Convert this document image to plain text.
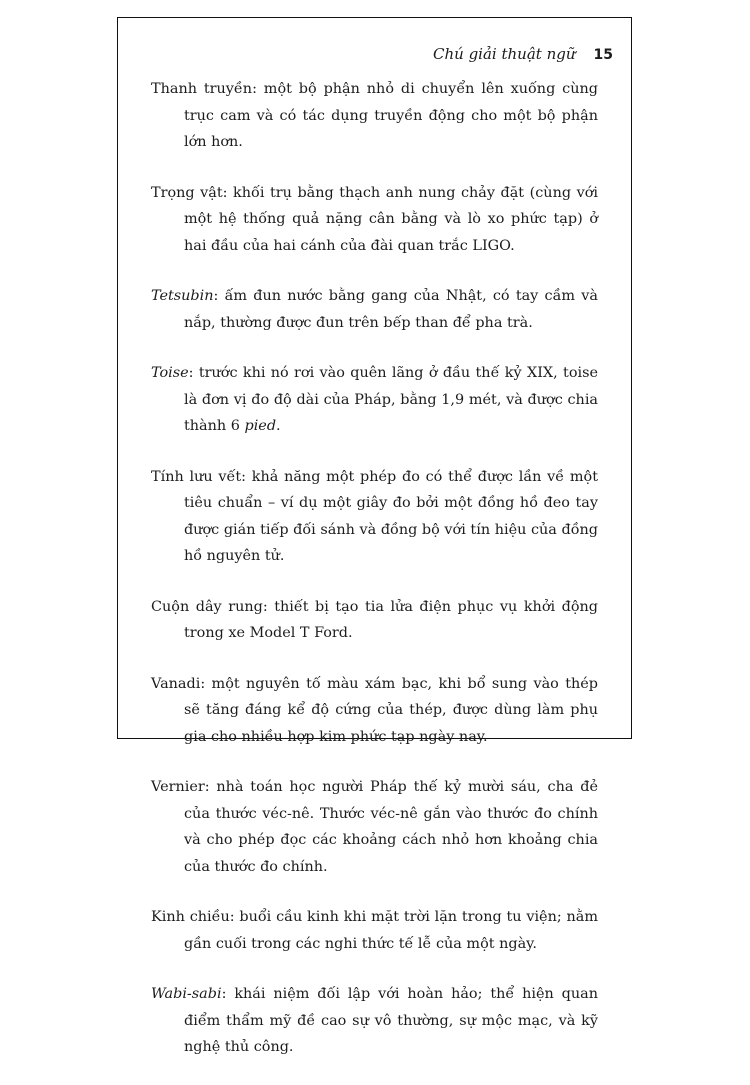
Chú giải thuật ngữ 15

Thanh truyền: một bộ phận nhỏ di chuyển lên xuống cùng trục cam và có tác dụng truyền động cho một bộ phận lớn hơn.

Trọng vật: khối trụ bằng thạch anh nung chảy đặt (cùng với một hệ thống quả nặng cân bằng và lò xo phức tạp) ở hai đầu của hai cánh của đài quan trắc LIGO.

Tetsubin: ấm đun nước bằng gang của Nhật, có tay cầm và nắp, thường được đun trên bếp than để pha trà.

Toise: trước khi nó rơi vào quên lãng ở đầu thế kỷ XIX, toise là đơn vị đo độ dài của Pháp, bằng 1,9 mét, và được chia thành 6 pied.

Tính lưu vết: khả năng một phép đo có thể được lần về một tiêu chuẩn – ví dụ một giây đo bởi một đồng hồ đeo tay được gián tiếp đối sánh và đồng bộ với tín hiệu của đồng hồ nguyên tử.

Cuộn dây rung: thiết bị tạo tia lửa điện phục vụ khởi động trong xe Model T Ford.

Vanadi: một nguyên tố màu xám bạc, khi bổ sung vào thép sẽ tăng đáng kể độ cứng của thép, được dùng làm phụ gia cho nhiều hợp kim phức tạp ngày nay.

Vernier: nhà toán học người Pháp thế kỷ mười sáu, cha đẻ của thước véc-nê. Thước véc-nê gắn vào thước đo chính và cho phép đọc các khoảng cách nhỏ hơn khoảng chia của thước đo chính.

Kinh chiều: buổi cầu kinh khi mặt trời lặn trong tu viện; nằm gần cuối trong các nghi thức tế lễ của một ngày.

Wabi-sabi: khái niệm đối lập với hoàn hảo; thể hiện quan điểm thẩm mỹ đề cao sự vô thường, sự mộc mạc, và kỹ nghệ thủ công.
